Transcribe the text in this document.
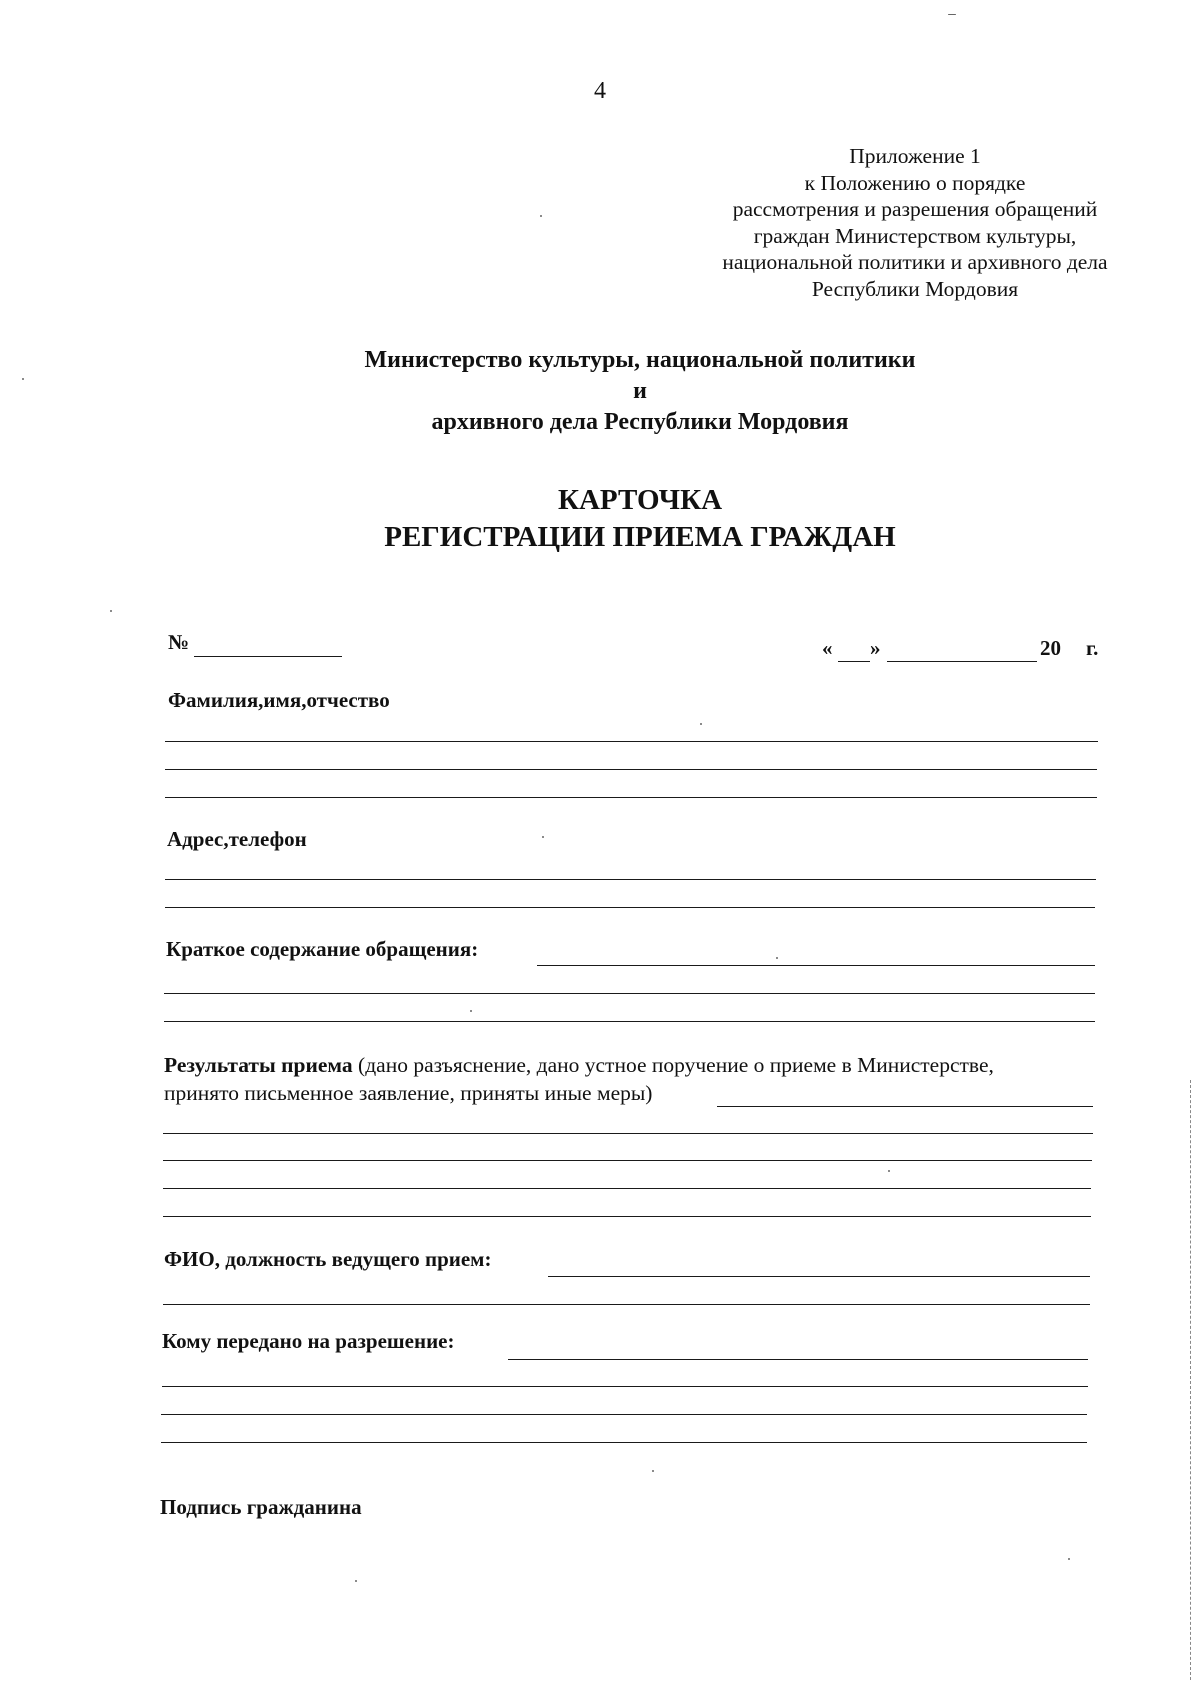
4
Приложение 1
к Положению о порядке
рассмотрения и разрешения обращений
граждан Министерством культуры,
национальной политики и архивного дела
Республики Мордовия
Министерство культуры, национальной политики
и
архивного дела Республики Мордовия
КАРТОЧКА
РЕГИСТРАЦИИ ПРИЕМА ГРАЖДАН
№	« »	20 г.
Фамилия,имя,отчество
Адрес,телефон
Краткое содержание обращения:
Результаты приема (дано разъяснение, дано устное поручение о приеме в Министерстве,
принято письменное заявление, приняты иные меры)
ФИО, должность ведущего прием:
Кому передано на разрешение:
Подпись гражданина
